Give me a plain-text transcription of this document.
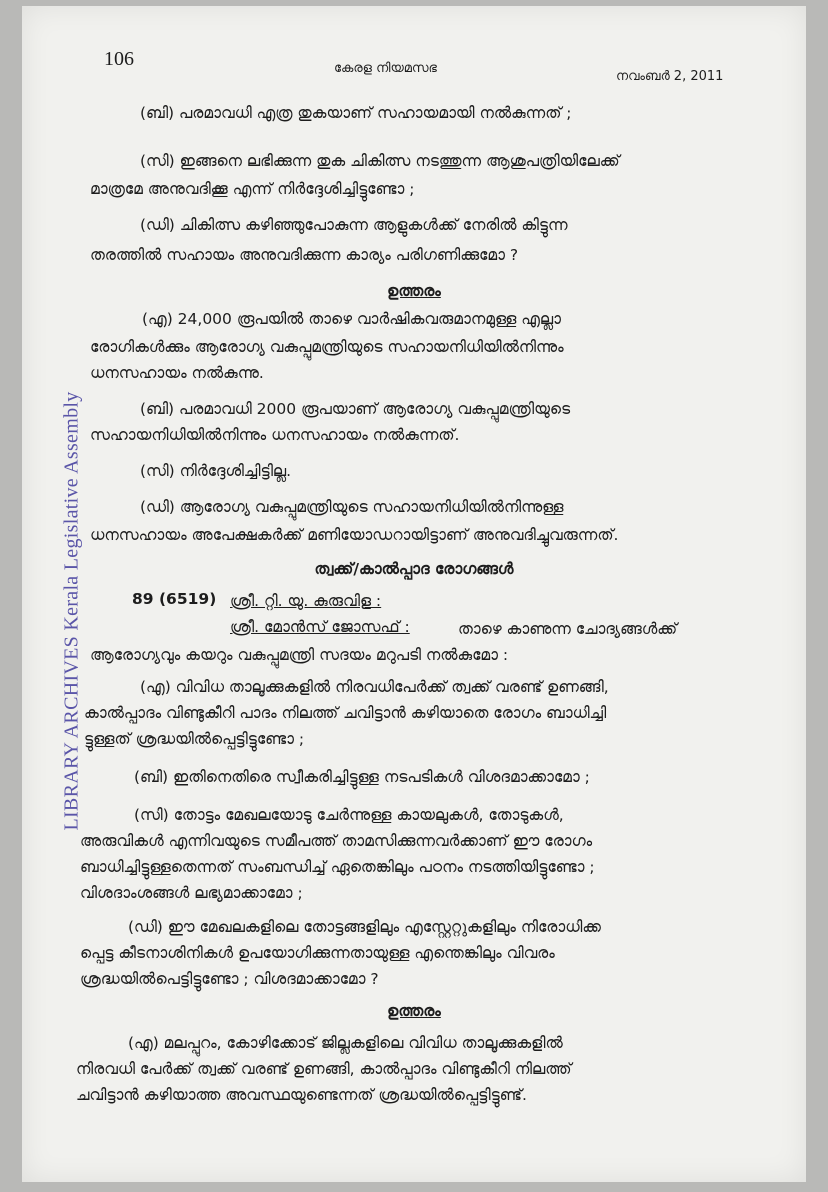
LIBRARY ARCHIVES Kerala Legislative Assembly
106	കേരള നിയമസഭ
നവംബർ 2, 2011
(ബി) പരമാവധി എത്ര തുകയാണ് സഹായമായി നൽകുന്നത് ;
(സി) ഇങ്ങനെ ലഭിക്കുന്ന തുക ചികിത്സ നടത്തുന്ന ആശുപത്രിയിലേക്ക്
മാത്രമേ അനുവദിക്കൂ എന്ന് നിർദ്ദേശിച്ചിട്ടുണ്ടോ ;
(ഡി) ചികിത്സ കഴിഞ്ഞുപോകുന്ന ആളുകൾക്ക് നേരിൽ കിട്ടുന്ന
തരത്തിൽ സഹായം അനുവദിക്കുന്ന കാര്യം പരിഗണിക്കുമോ ?
ഉത്തരം
(എ) 24,000 രൂപയിൽ താഴെ വാർഷികവരുമാനമുള്ള എല്ലാ
രോഗികൾക്കും ആരോഗ്യ വകുപ്പുമന്ത്രിയുടെ സഹായനിധിയിൽനിന്നും
ധനസഹായം നൽകുന്നു.
(ബി) പരമാവധി 2000 രൂപയാണ് ആരോഗ്യ വകുപ്പുമന്ത്രിയുടെ
സഹായനിധിയിൽനിന്നും ധനസഹായം നൽകുന്നത്.
(സി) നിർദ്ദേശിച്ചിട്ടില്ല.
(ഡി) ആരോഗ്യ വകുപ്പുമന്ത്രിയുടെ സഹായനിധിയിൽനിന്നുള്ള
ധനസഹായം അപേക്ഷകർക്ക് മണിയോഡറായിട്ടാണ് അനുവദിച്ചുവരുന്നത്.
ത്വക്ക്/കാൽപ്പാദ രോഗങ്ങൾ
89 (6519) ശ്രീ. റ്റി. യു. കുരുവിള :
ശ്രീ. മോൻസ് ജോസഫ് :	താഴെ കാണുന്ന ചോദ്യങ്ങൾക്ക്
ആരോഗ്യവും കയറും വകുപ്പുമന്ത്രി സദയം മറുപടി നൽകുമോ :
(എ) വിവിധ താലൂക്കുകളിൽ നിരവധിപേർക്ക് ത്വക്ക് വരണ്ട് ഉണങ്ങി,
കാൽപ്പാദം വിണ്ടുകീറി പാദം നിലത്ത് ചവിട്ടാൻ കഴിയാതെ രോഗം ബാധിച്ചി
ട്ടുള്ളത് ശ്രദ്ധയിൽപ്പെട്ടിട്ടുണ്ടോ ;
(ബി) ഇതിനെതിരെ സ്വീകരിച്ചിട്ടുള്ള നടപടികൾ വിശദമാക്കാമോ ;
(സി) തോട്ടം മേഖലയോടു ചേർന്നുള്ള കായലുകൾ, തോടുകൾ,
അരുവികൾ എന്നിവയുടെ സമീപത്ത് താമസിക്കുന്നവർക്കാണ് ഈ രോഗം
ബാധിച്ചിട്ടുള്ളതെന്നത് സംബന്ധിച്ച് ഏതെങ്കിലും പഠനം നടത്തിയിട്ടുണ്ടോ ;
വിശദാംശങ്ങൾ ലഭ്യമാക്കാമോ ;
(ഡി) ഈ മേഖലകളിലെ തോട്ടങ്ങളിലും എസ്റ്റേറ്റുകളിലും നിരോധിക്ക
പ്പെട്ട കീടനാശിനികൾ ഉപയോഗിക്കുന്നതായുള്ള എന്തെങ്കിലും വിവരം
ശ്രദ്ധയിൽപെട്ടിട്ടുണ്ടോ ; വിശദമാക്കാമോ ?
ഉത്തരം
(എ) മലപ്പുറം, കോഴിക്കോട് ജില്ലകളിലെ വിവിധ താലൂക്കുകളിൽ
നിരവധി പേർക്ക് ത്വക്ക് വരണ്ട് ഉണങ്ങി, കാൽപ്പാദം വിണ്ടുകീറി നിലത്ത്
ചവിട്ടാൻ കഴിയാത്ത അവസ്ഥയുണ്ടെന്നത് ശ്രദ്ധയിൽപ്പെട്ടിട്ടുണ്ട്.
